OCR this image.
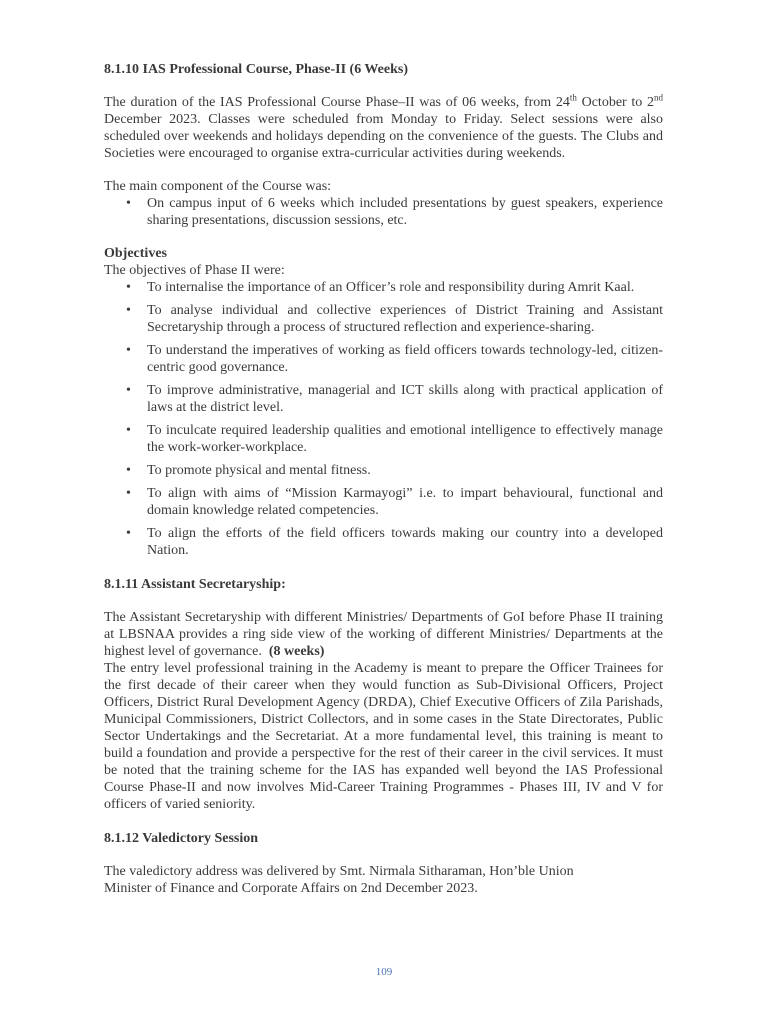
8.1.10 IAS Professional Course, Phase-II (6 Weeks)

The duration of the IAS Professional Course Phase–II was of 06 weeks, from 24th October to 2nd December 2023. Classes were scheduled from Monday to Friday. Select sessions were also scheduled over weekends and holidays depending on the convenience of the guests. The Clubs and Societies were encouraged to organise extra-curricular activities during weekends.

The main component of the Course was:

• On campus input of 6 weeks which included presentations by guest speakers, experience sharing presentations, discussion sessions, etc.
Objectives

The objectives of Phase II were:

• To internalise the importance of an Officer’s role and responsibility during Amrit Kaal.
• To analyse individual and collective experiences of District Training and Assistant Secretaryship through a process of structured reflection and experience-sharing.
• To understand the imperatives of working as field officers towards technology-led, citizen-centric good governance.
• To improve administrative, managerial and ICT skills along with practical application of laws at the district level.
• To inculcate required leadership qualities and emotional intelligence to effectively manage the work-worker-workplace.
• To promote physical and mental fitness.
• To align with aims of “Mission Karmayogi” i.e. to impart behavioural, functional and domain knowledge related competencies.
• To align the efforts of the field officers towards making our country into a developed Nation.
8.1.11 Assistant Secretaryship:

The Assistant Secretaryship with different Ministries/ Departments of GoI before Phase II training at LBSNAA provides a ring side view of the working of different Ministries/ Departments at the highest level of governance. (8 weeks)

The entry level professional training in the Academy is meant to prepare the Officer Trainees for the first decade of their career when they would function as Sub-Divisional Officers, Project Officers, District Rural Development Agency (DRDA), Chief Executive Officers of Zila Parishads, Municipal Commissioners, District Collectors, and in some cases in the State Directorates, Public Sector Undertakings and the Secretariat. At a more fundamental level, this training is meant to build a foundation and provide a perspective for the rest of their career in the civil services. It must be noted that the training scheme for the IAS has expanded well beyond the IAS Professional Course Phase-II and now involves Mid-Career Training Programmes - Phases III, IV and V for officers of varied seniority.

8.1.12 Valedictory Session

The valedictory address was delivered by Smt. Nirmala Sitharaman, Hon’ble Union
Minister of Finance and Corporate Affairs on 2nd December 2023.

109
